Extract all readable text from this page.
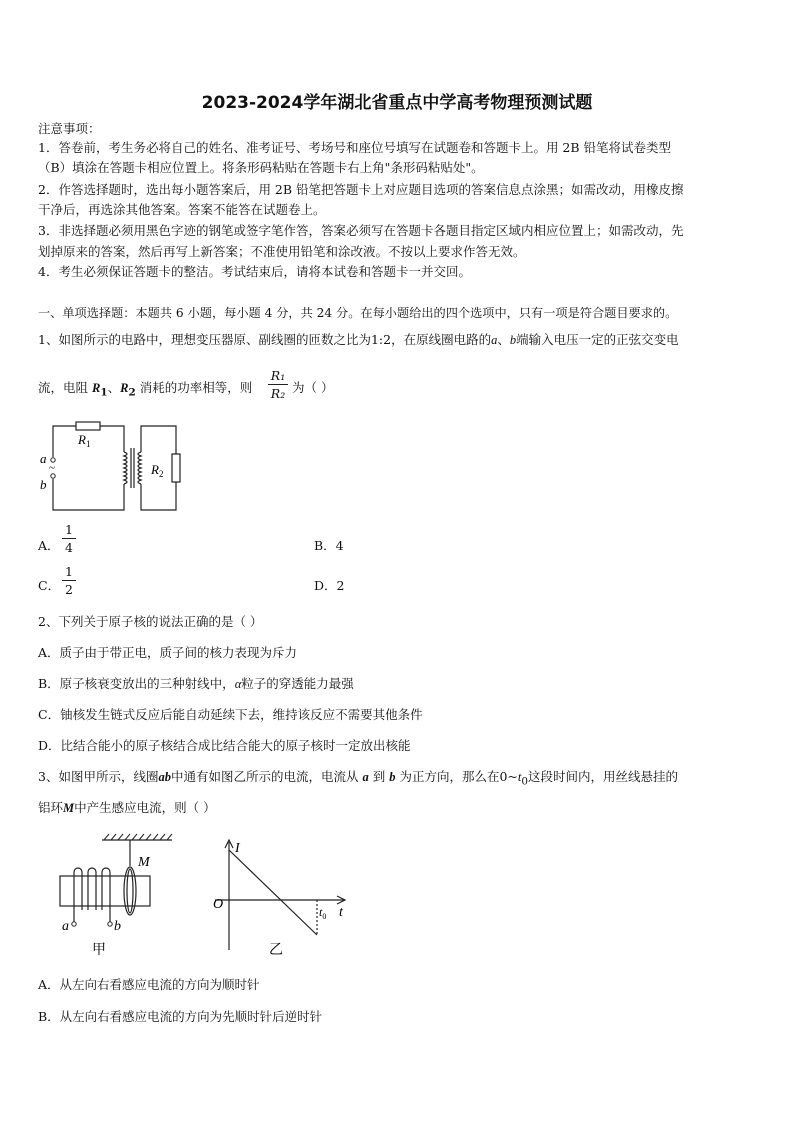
2023-2024学年湖北省重点中学高考物理预测试题
注意事项：
1．答卷前，考生务必将自己的姓名、准考证号、考场号和座位号填写在试题卷和答题卡上。用 2B 铅笔将试卷类型
（B）填涂在答题卡相应位置上。将条形码粘贴在答题卡右上角"条形码粘贴处"。
2．作答选择题时，选出每小题答案后，用 2B 铅笔把答题卡上对应题目选项的答案信息点涂黑；如需改动，用橡皮擦
干净后，再选涂其他答案。答案不能答在试题卷上。
3．非选择题必须用黑色字迹的钢笔或签字笔作答，答案必须写在答题卡各题目指定区域内相应位置上；如需改动，先
划掉原来的答案，然后再写上新答案；不准使用铅笔和涂改液。不按以上要求作答无效。
4．考生必须保证答题卡的整洁。考试结束后，请将本试卷和答题卡一并交回。
一、单项选择题：本题共 6 小题，每小题 4 分，共 24 分。在每小题给出的四个选项中，只有一项是符合题目要求的。
1、如图所示的电路中，理想变压器原、副线圈的匝数之比为1:2，在原线圈电路的a、b端输入电压一定的正弦交变电
流，电阻 $R_1$、$R_2$ 消耗的功率相等，则
R₁
R₂ 为（ ）
~
$R_1$
$R_2$
a
b
A．
1
4	B．4
C．
1
2	D．2
2、下列关于原子核的说法正确的是（ ）
A．质子由于带正电，质子间的核力表现为斥力
B．原子核衰变放出的三种射线中，α粒子的穿透能力最强
C．铀核发生链式反应后能自动延续下去，维持该反应不需要其他条件
D．比结合能小的原子核结合成比结合能大的原子核时一定放出核能
3、如图甲所示，线圈ab中通有如图乙所示的电流，电流从 a 到 b 为正方向，那么在$0\sim t_0$这段时间内，用丝线悬挂的
铝环M中产生感应电流，则（ ）
M
a	b
甲
I
O
t
$t_0$
乙
A．从左向右看感应电流的方向为顺时针
B．从左向右看感应电流的方向为先顺时针后逆时针
